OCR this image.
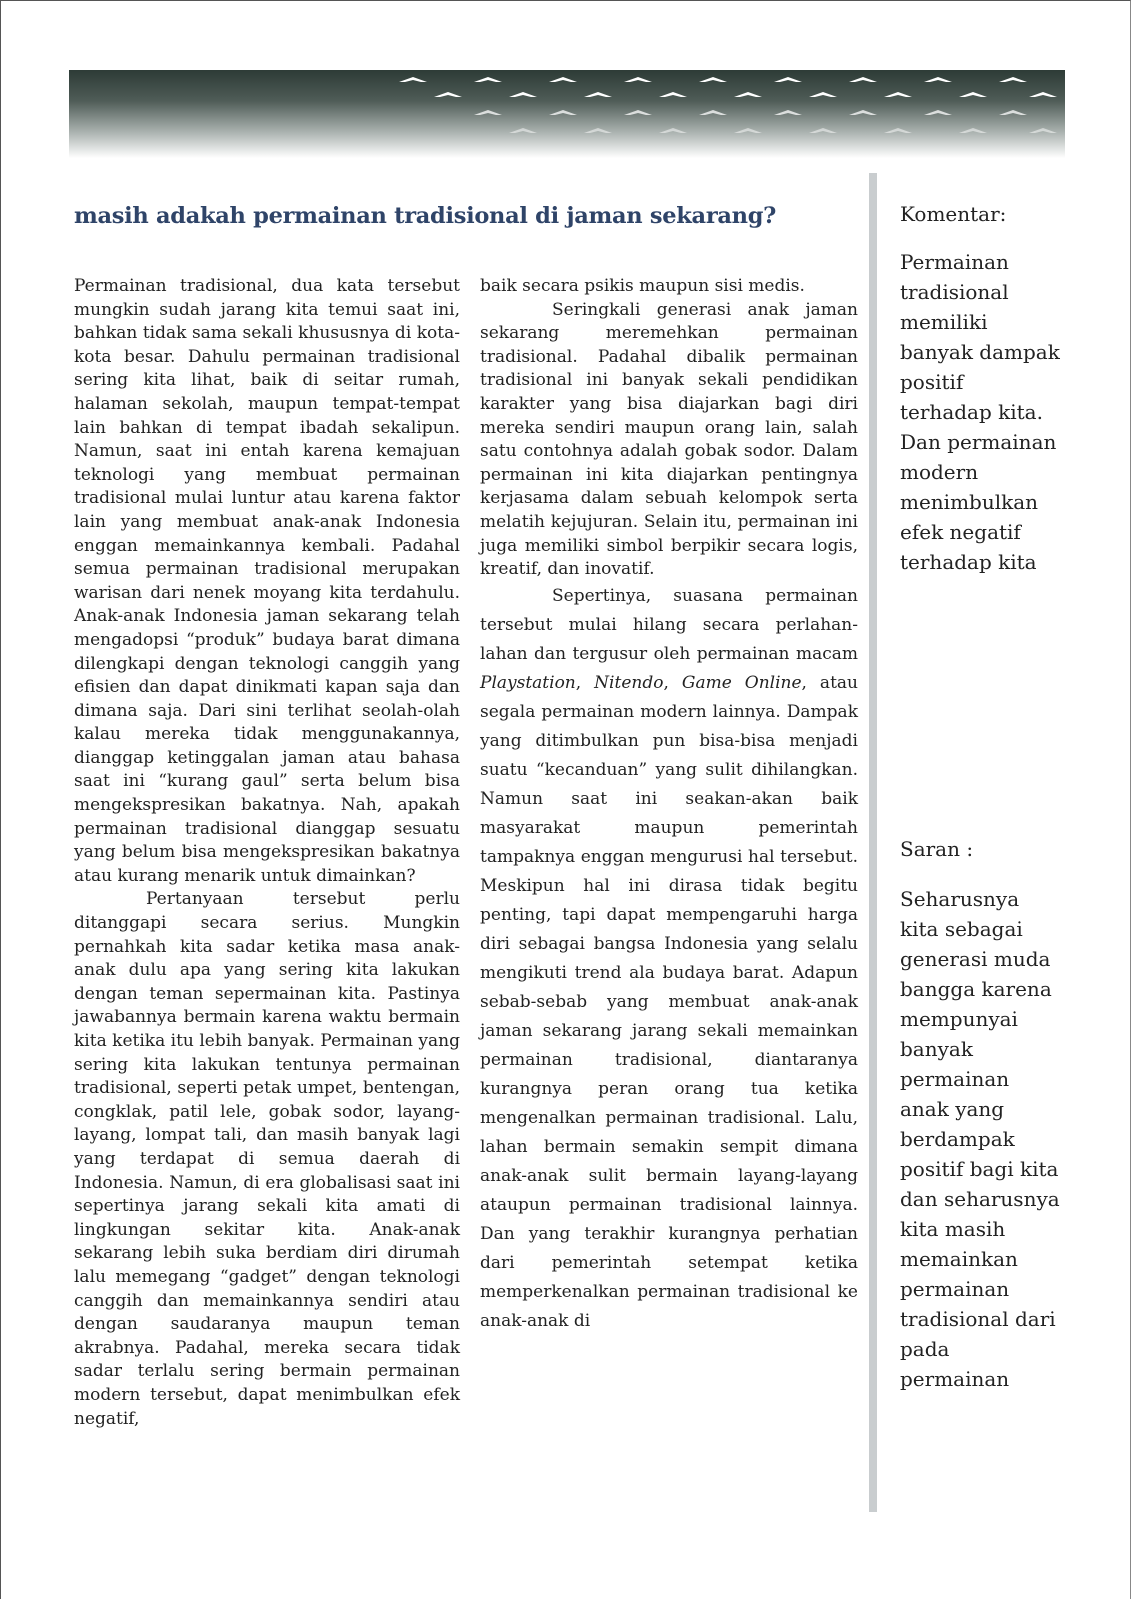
masih adakah permainan tradisional di jaman sekarang?

Permainan tradisional, dua kata tersebut mungkin sudah jarang kita temui saat ini, bahkan tidak sama sekali khususnya di kota-kota besar. Dahulu permainan tradisional sering kita lihat, baik di seitar rumah, halaman sekolah, maupun tempat-tempat lain bahkan di tempat ibadah sekalipun. Namun, saat ini entah karena kemajuan teknologi yang membuat permainan tradisional mulai luntur atau karena faktor lain yang membuat anak-anak Indonesia enggan memainkannya kembali. Padahal semua permainan tradisional merupakan warisan dari nenek moyang kita terdahulu. Anak-anak Indonesia jaman sekarang telah mengadopsi “produk” budaya barat dimana dilengkapi dengan teknologi canggih yang efisien dan dapat dinikmati kapan saja dan dimana saja. Dari sini terlihat seolah-olah kalau mereka tidak menggunakannya, dianggap ketinggalan jaman atau bahasa saat ini “kurang gaul” serta belum bisa mengekspresikan bakatnya. Nah, apakah permainan tradisional dianggap sesuatu yang belum bisa mengekspresikan bakatnya atau kurang menarik untuk dimainkan?

Pertanyaan tersebut perlu ditanggapi secara serius. Mungkin pernahkah kita sadar ketika masa anak-anak dulu apa yang sering kita lakukan dengan teman sepermainan kita. Pastinya jawabannya bermain karena waktu bermain kita ketika itu lebih banyak. Permainan yang sering kita lakukan tentunya permainan tradisional, seperti petak umpet, bentengan, congklak, patil lele, gobak sodor, layang-layang, lompat tali, dan masih banyak lagi yang terdapat di semua daerah di Indonesia. Namun, di era globalisasi saat ini sepertinya jarang sekali kita amati di lingkungan sekitar kita. Anak-anak sekarang lebih suka berdiam diri dirumah lalu memegang “gadget” dengan teknologi canggih dan memainkannya sendiri atau dengan saudaranya maupun teman akrabnya. Padahal, mereka secara tidak sadar terlalu sering bermain permainan modern tersebut, dapat menimbulkan efek negatif,

baik secara psikis maupun sisi medis.

Seringkali generasi anak jaman sekarang meremehkan permainan tradisional. Padahal dibalik permainan tradisional ini banyak sekali pendidikan karakter yang bisa diajarkan bagi diri mereka sendiri maupun orang lain, salah satu contohnya adalah gobak sodor. Dalam permainan ini kita diajarkan pentingnya kerjasama dalam sebuah kelompok serta melatih kejujuran. Selain itu, permainan ini juga memiliki simbol berpikir secara logis, kreatif, dan inovatif.

Sepertinya, suasana permainan tersebut mulai hilang secara perlahan-lahan dan tergusur oleh permainan macam Playstation, Nitendo, Game Online, atau segala permainan modern lainnya. Dampak yang ditimbulkan pun bisa-bisa menjadi suatu “kecanduan” yang sulit dihilangkan. Namun saat ini seakan-akan baik masyarakat maupun pemerintah tampaknya enggan mengurusi hal tersebut. Meskipun hal ini dirasa tidak begitu penting, tapi dapat mempengaruhi harga diri sebagai bangsa Indonesia yang selalu mengikuti trend ala budaya barat. Adapun sebab-sebab yang membuat anak-anak jaman sekarang jarang sekali memainkan permainan tradisional, diantaranya kurangnya peran orang tua ketika mengenalkan permainan tradisional. Lalu, lahan bermain semakin sempit dimana anak-anak sulit bermain layang-layang ataupun permainan tradisional lainnya. Dan yang terakhir kurangnya perhatian dari pemerintah setempat ketika memperkenalkan permainan tradisional ke anak-anak di

Komentar:
Permainan tradisional memiliki banyak dampak positif terhadap kita. Dan permainan modern menimbulkan efek negatif terhadap kita
Saran :
Seharusnya kita sebagai generasi muda bangga karena mempunyai banyak permainan anak yang berdampak positif bagi kita dan seharusnya kita masih memainkan permainan tradisional dari pada permainan
